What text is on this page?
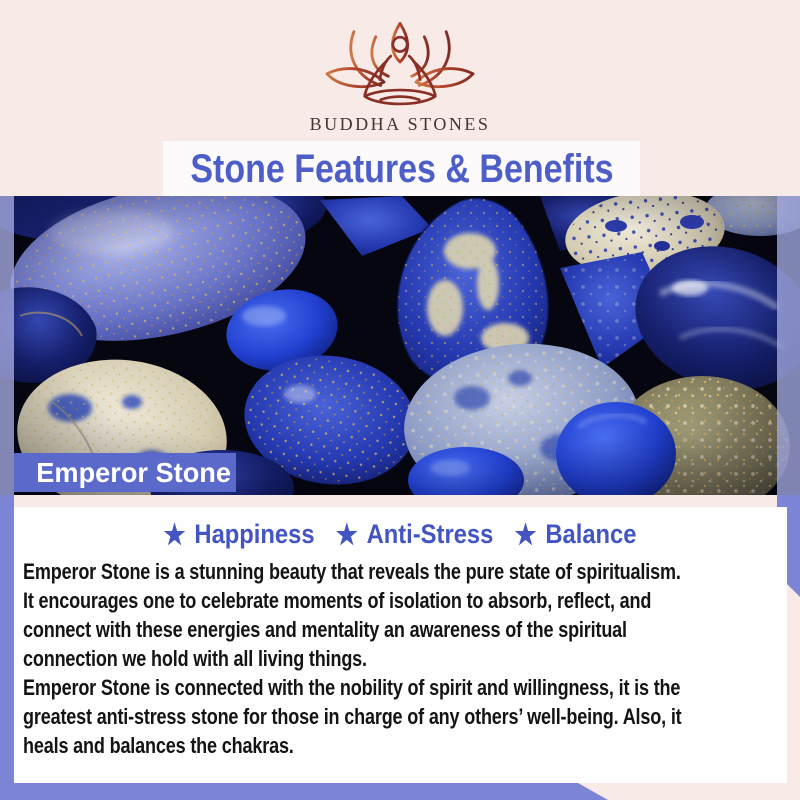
BUDDHA STONES
Stone Features & Benefits
Emperor Stone
★ Happiness ★ Anti-Stress ★ Balance
Emperor Stone is a stunning beauty that reveals the pure state of spiritualism.
It encourages one to celebrate moments of isolation to absorb, reflect, and
connect with these energies and mentality an awareness of the spiritual
connection we hold with all living things.
Emperor Stone is connected with the nobility of spirit and willingness, it is the
greatest anti-stress stone for those in charge of any others’ well-being. Also, it
heals and balances the chakras.
